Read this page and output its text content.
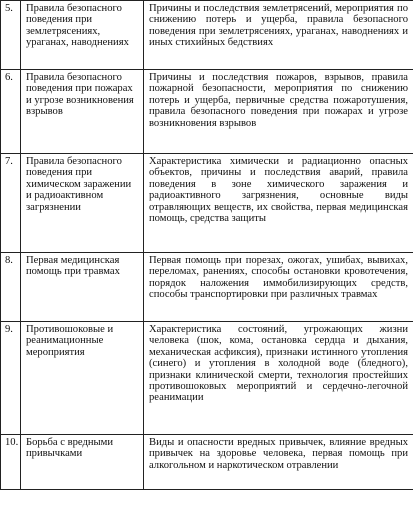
5.	Правила безопасного поведения при землетрясениях, ураганах, наводнениях	Причины и последствия землетрясений, мероприятия по снижению потерь и ущерба, правила безопасного поведения при землетрясениях, ураганах, наводнениях и иных стихийных бедствиях
6.	Правила безопасного поведения при пожарах и угрозе возникновения взрывов	Причины и последствия пожаров, взрывов, правила пожарной безопасности, мероприятия по снижению потерь и ущерба, первичные средства пожаротушения, правила безопасного поведения при пожарах и угрозе возникновения взрывов
7.	Правила безопасного поведения при химическом заражении и радиоактивном загрязнении	Характеристика химически и радиационно опасных объектов, причины и последствия аварий, правила поведения в зоне химического заражения и радиоактивного загрязнения, основные виды отравляющих веществ, их свойства, первая медицинская помощь, средства защиты
8.	Первая медицинская помощь при травмах	Первая помощь при порезах, ожогах, ушибах, вывихах, переломах, ранениях, способы остановки кровотечения, порядок наложения иммобилизирующих средств, способы транспортировки при различных травмах
9.	Противошоковые и реанимационные мероприятия	Характеристика состояний, угрожающих жизни человека (шок, кома, остановка сердца и дыхания, механическая асфиксия), признаки истинного утопления (синего) и утопления в холодной воде (бледного), признаки клинической смерти, технология простейших противошоковых мероприятий и сердечно-легочной реанимации
10.	Борьба с вредными привычками	Виды и опасности вредных привычек, влияние вредных привычек на здоровье человека, первая помощь при алкогольном и наркотическом отравлении
